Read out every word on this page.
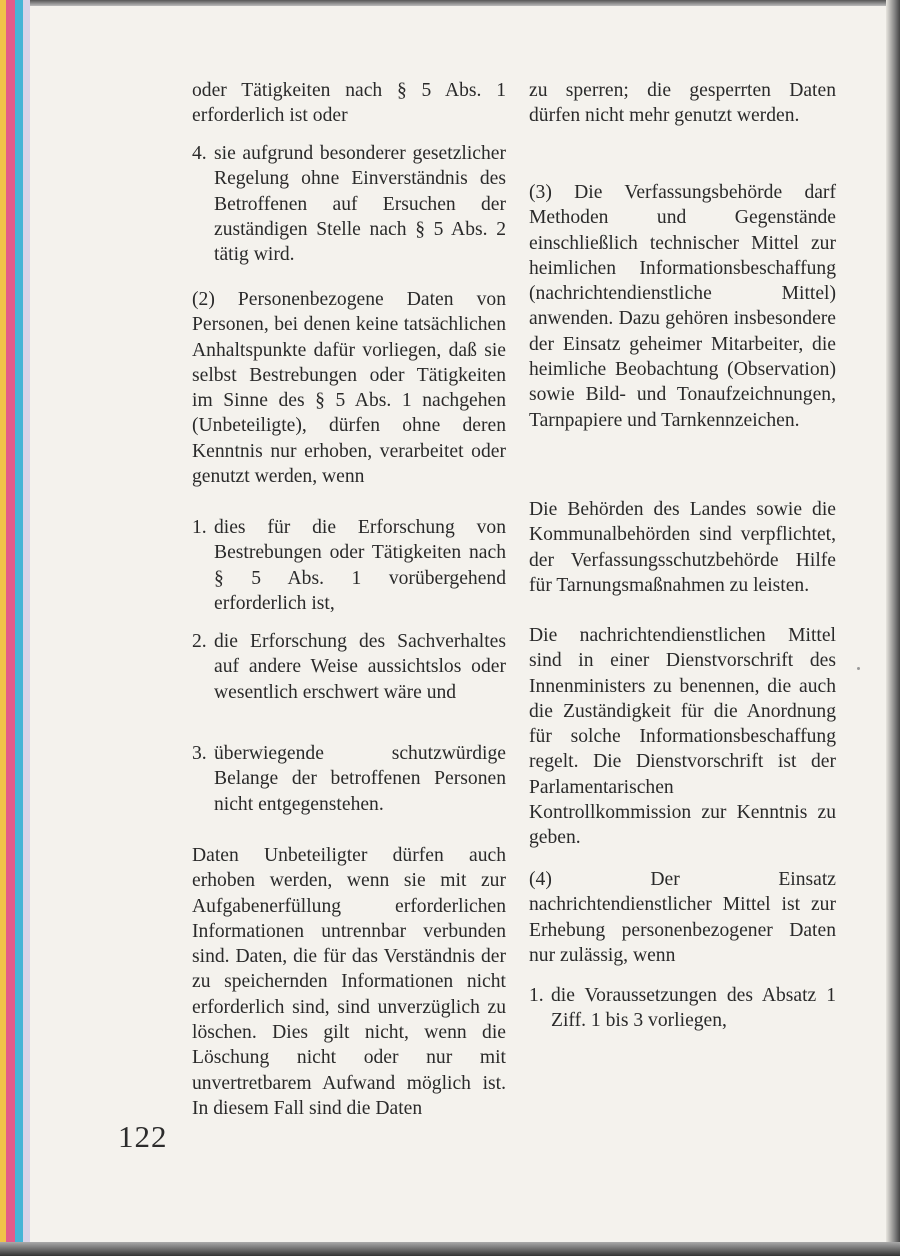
oder Tätigkeiten nach § 5 Abs. 1 erforderlich ist oder

4. sie aufgrund besonderer gesetzlicher Regelung ohne Einverständnis des Betroffenen auf Ersuchen der zuständigen Stelle nach § 5 Abs. 2 tätig wird.

(2) Personenbezogene Daten von Personen, bei denen keine tatsächlichen Anhaltspunkte dafür vorliegen, daß sie selbst Bestrebungen oder Tätigkeiten im Sinne des § 5 Abs. 1 nachgehen (Unbeteiligte), dürfen ohne deren Kenntnis nur erhoben, verarbeitet oder genutzt werden, wenn

1. dies für die Erforschung von Bestrebungen oder Tätigkeiten nach § 5 Abs. 1 vorübergehend erforderlich ist,

2. die Erforschung des Sachverhaltes auf andere Weise aussichtslos oder wesentlich erschwert wäre und

3. überwiegende schutzwürdige Belange der betroffenen Personen nicht entgegenstehen.

Daten Unbeteiligter dürfen auch erhoben werden, wenn sie mit zur Aufgabenerfüllung erforderlichen Informationen untrennbar verbunden sind. Daten, die für das Verständnis der zu speichernden Informationen nicht erforderlich sind, sind unverzüglich zu löschen. Dies gilt nicht, wenn die Löschung nicht oder nur mit unvertretbarem Aufwand möglich ist. In diesem Fall sind die Daten

zu sperren; die gesperrten Daten dürfen nicht mehr genutzt werden.

(3) Die Verfassungsbehörde darf Methoden und Gegenstände einschließlich technischer Mittel zur heimlichen Informationsbeschaffung (nachrichtendienstliche Mittel) anwenden. Dazu gehören insbesondere der Einsatz geheimer Mitarbeiter, die heimliche Beobachtung (Observation) sowie Bild- und Tonaufzeichnungen, Tarnpapiere und Tarnkennzeichen.

Die Behörden des Landes sowie die Kommunalbehörden sind verpflichtet, der Verfassungsschutzbehörde Hilfe für Tarnungsmaßnahmen zu leisten.

Die nachrichtendienstlichen Mittel sind in einer Dienstvorschrift des Innenministers zu benennen, die auch die Zuständigkeit für die Anordnung für solche Informationsbeschaffung regelt. Die Dienstvorschrift ist der Parlamentarischen Kontrollkommission zur Kenntnis zu geben.

(4) Der Einsatz nachrichtendienstlicher Mittel ist zur Erhebung personenbezogener Daten nur zulässig, wenn

1. die Voraussetzungen des Absatz 1 Ziff. 1 bis 3 vorliegen,

122
